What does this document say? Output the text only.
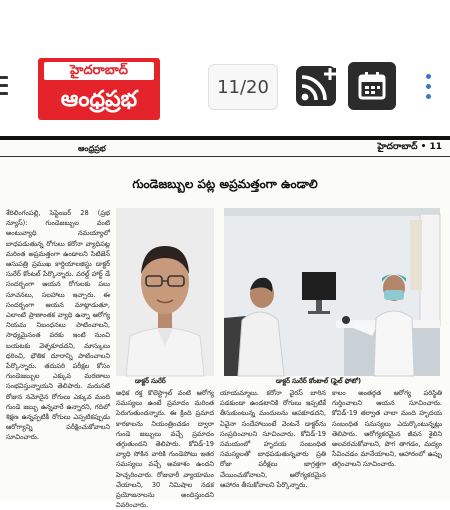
హైదరాబాద్
ఆంధ్రప్రభ	11/20
ఆంధ్రప్రభ	హైదరాబాద్ • 11
గుండెజబ్బుల పట్ల అప్రమత్తంగా ఉండాలి
శేరిలింగంపల్లి, సెప్టెంబర్ 28 (ప్రభ న్యూస్): గుండెజబ్బుల వంటి అంటువ్యాధి నమయ్యాలో బాధపడుతున్న రోగులు కరోనా వ్యాధిపట్ల మరింత అప్రమత్తంగా ఉండాలని సిటిజెన్ ఆసుపత్రి ప్రముఖ కార్డియాలజిస్టు డాక్టర్ సురేర్ కోంటల్ పేర్కొన్నారు. వరల్డ్ హార్ట్ డే సందర్భంగా ఆయన రోగులకు పలు సూచనలు, సలహాలు ఇచ్చారు. ఈ సందర్భంగా ఆయన మాట్లాడుతూ, ఎలాంటి ప్రాణాంతక వ్యాధి ఉన్నా ఆరోగ్య నియమ నిబంధనలు పాటించాలని, సాధ్యమైనంత వరకు ఇంటి నుంచి బయటకు వెళ్ళకూడదని, మాస్కులు ధరించి, భౌతిక దూరాన్ని పాటించాలని పేర్కొన్నారు. తదుపరి పరీక్షల కోసం గుండెజబ్బుల ఎక్కువ మరణాలు సంభవిస్తున్నాయని తెలిపారు. మరుసటి రోజున నమోదైన రోగులు ఎక్కువ మంది గుండె జబ్బు ఉన్నవారే ఉన్నారని, గదిలో శిక్షణ ఉన్నప్పటికీ రోగులు ఎప్పటికప్పుడు ఆరోగ్యాన్ని పరీక్షించుకోవాలని సూచించారు.
డాక్టర్ సురేర్	డాక్టర్ సురేర్ కోంటాల్ (ఫైల్ ఫోటో)
అధిక రక్త కొలెస్ట్రాల్ వంటి ఆరోగ్య సమస్యలు ఉంటే ప్రమాదం మరింత పెరుగుతుందన్నారు. ఈ క్రింది ప్రమాద కారకాలను నియంత్రించడం ద్వారా గుండె జబ్బులు వచ్చే ప్రమాదం తగ్గుతుందని తెలిపారు. కోవిడ్-19 వ్యాధి సోకిన వారికి గుండెపోటు ఇతర సమస్యలు వచ్చే అవకాశం ఉందని హెచ్చరించారు. రోజువారీ వ్యాయామం చేయాలని, 30 నిమిషాల నడక ప్రయోజనాలను అందిస్తుందని వివరించారు.
యాయమ్మాలు. కరోనా వైరస్ బారిన పడకుండా ఉండటానికి రోగులు ఇప్పటికే తీసుకుంటున్న మందులను ఆపకూడదని, ఏవైనా సందేహాలుంటే వెంటనే డాక్టర్‌ను సంప్రదించాలని సూచించారు. కోవిడ్-19 సమయంలో హృదయ సంబంధిత సమస్యలతో బాధపడుతున్నవారు ప్రతి రోజు పరీక్షలు జాగ్రత్తగా చేయించుకోవాలని, ఆరోగ్యకరమైన ఆహారం తీసుకోవాలని పేర్కొన్నారు.
కాలం అంతర్గత ఆరోగ్య పరిస్థితి గుర్తించాలని ఆయన సూచించారు. కోవిడ్-19 తర్వాత చాలా మంది హృదయ సంబంధిత సమస్యలు ఎదుర్కొంటున్నట్లు తెలిపారు. ఆరోగ్యకరమైన జీవన శైలిని అలవరచుకోవాలని, పొగ తాగడం, మద్యం సేవించడం మానేయాలని, ఆహారంలో ఉప్పు తగ్గించాలని సూచించారు.
